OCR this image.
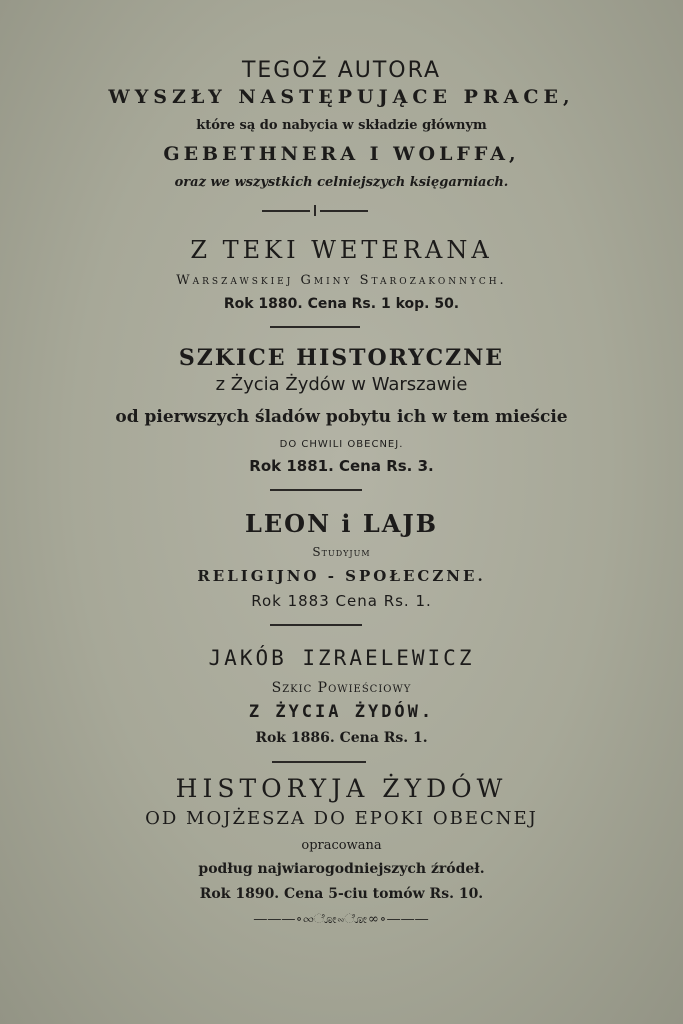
TEGOŻ AUTORA
WYSZŁY NASTĘPUJĄCE PRACE,
które są do nabycia w składzie głównym
GEBETHNERA I WOLFFA,
oraz we wszystkich celniejszych księgarniach.
Z TEKI WETERANA
Warszawskiej Gminy Starozakonnych.
Rok 1880. Cena Rs. 1 kop. 50.
SZKICE HISTORYCZNE
z Życia Żydów w Warszawie
od pierwszych śladów pobytu ich w tem mieście
DO CHWILI OBECNEJ.
Rok 1881. Cena Rs. 3.
LEON i LAJB
Studyjum
RELIGIJNO - SPOŁECZNE.
Rok 1883 Cena Rs. 1.
JAKÓB IZRAELEWICZ
Szkic Powieściowy
Z ŻYCIA ŻYDÓW.
Rok 1886. Cena Rs. 1.
HISTORYJA ŻYDÓW
OD MOJŻESZA DO EPOKI OBECNEJ
opracowana
podług najwiarogodniejszych źródeł.
Rok 1890. Cena 5-ciu tomów Rs. 10.
―――∘∞ೋ∾ೋ∞∘―――
